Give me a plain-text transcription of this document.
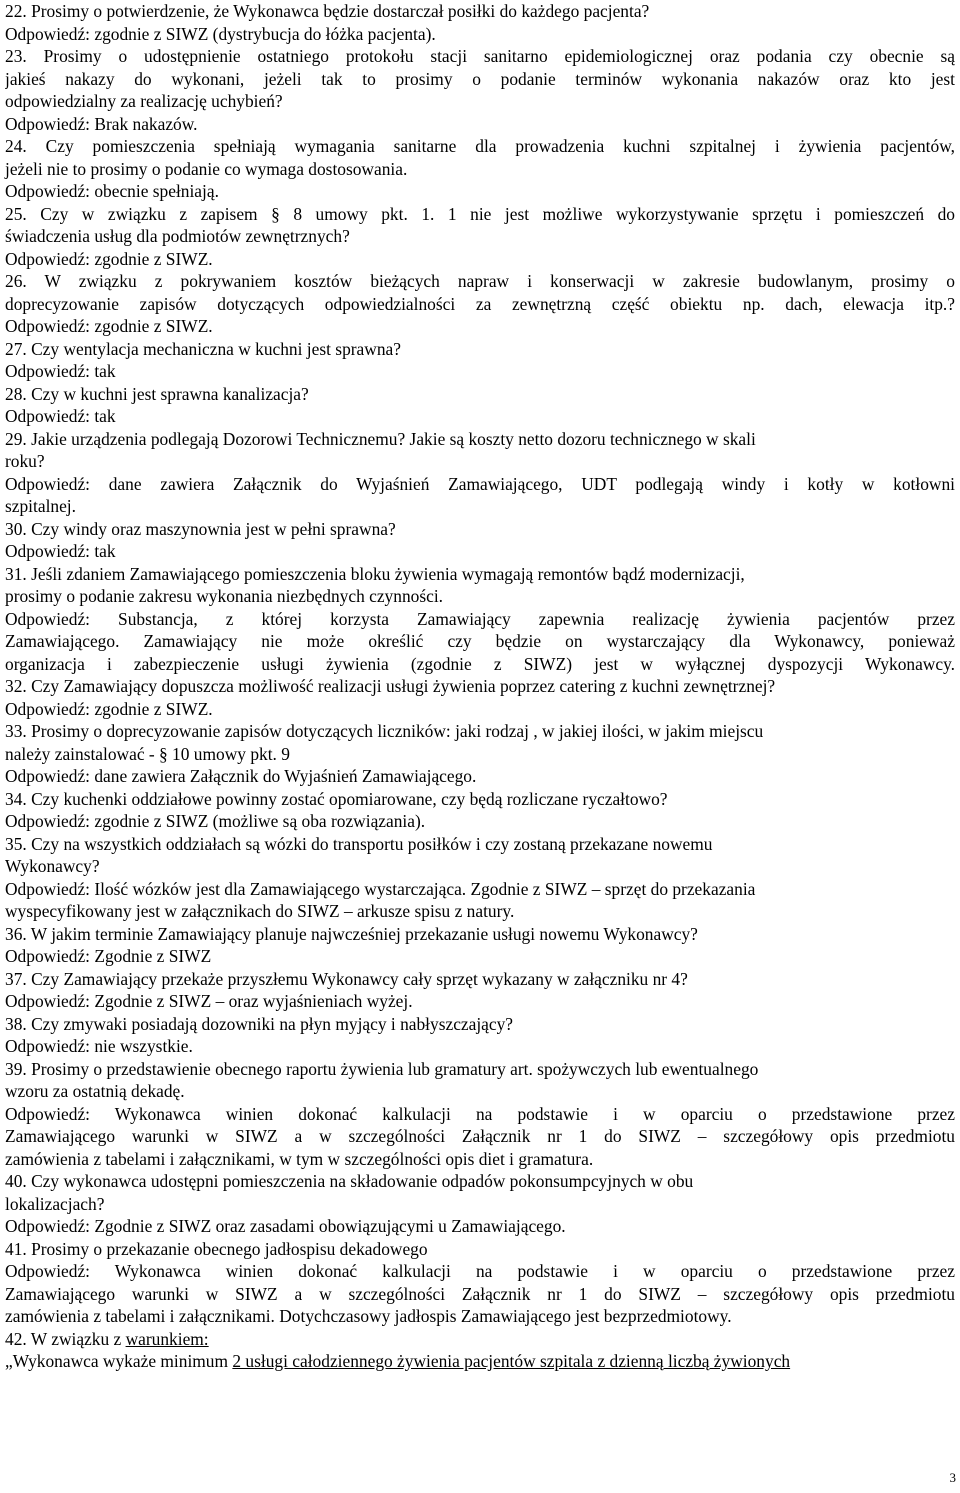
22. Prosimy o potwierdzenie, że Wykonawca będzie dostarczał posiłki do każdego pacjenta?
Odpowiedź: zgodnie z SIWZ (dystrybucja do łóżka pacjenta).
23. Prosimy o udostępnienie ostatniego protokołu stacji sanitarno epidemiologicznej oraz podania czy obecnie są
jakieś nakazy do wykonani, jeżeli tak to prosimy o podanie terminów wykonania nakazów oraz kto jest
odpowiedzialny za realizację uchybień?
Odpowiedź: Brak nakazów.
24. Czy pomieszczenia spełniają wymagania sanitarne dla prowadzenia kuchni szpitalnej i żywienia pacjentów,
jeżeli nie to prosimy o podanie co wymaga dostosowania.
Odpowiedź: obecnie spełniają.
25. Czy w związku z zapisem § 8 umowy pkt. 1. 1 nie jest możliwe wykorzystywanie sprzętu i pomieszczeń do
świadczenia usług dla podmiotów zewnętrznych?
Odpowiedź: zgodnie z SIWZ.
26. W związku z pokrywaniem kosztów bieżących napraw i konserwacji w zakresie budowlanym, prosimy o
doprecyzowanie zapisów dotyczących odpowiedzialności za zewnętrzną część obiektu np. dach, elewacja itp.?
Odpowiedź: zgodnie z SIWZ.
27. Czy wentylacja mechaniczna w kuchni jest sprawna?
Odpowiedź: tak
28. Czy w kuchni jest sprawna kanalizacja?
Odpowiedź: tak
29. Jakie urządzenia podlegają Dozorowi Technicznemu? Jakie są koszty netto dozoru technicznego w skali
roku?
Odpowiedź: dane zawiera Załącznik do Wyjaśnień Zamawiającego, UDT podlegają windy i kotły w kotłowni
szpitalnej.
30. Czy windy oraz maszynownia jest w pełni sprawna?
Odpowiedź: tak
31. Jeśli zdaniem Zamawiającego pomieszczenia bloku żywienia wymagają remontów bądź modernizacji,
prosimy o podanie zakresu wykonania niezbędnych czynności.
Odpowiedź: Substancja, z której korzysta Zamawiający zapewnia realizację żywienia pacjentów przez
Zamawiającego. Zamawiający nie może określić czy będzie on wystarczający dla Wykonawcy, ponieważ
organizacja i zabezpieczenie usługi żywienia (zgodnie z SIWZ) jest w wyłącznej dyspozycji Wykonawcy.
32. Czy Zamawiający dopuszcza możliwość realizacji usługi żywienia poprzez catering z kuchni zewnętrznej?
Odpowiedź: zgodnie z SIWZ.
33. Prosimy o doprecyzowanie zapisów dotyczących liczników: jaki rodzaj , w jakiej ilości, w jakim miejscu
należy zainstalować - § 10 umowy pkt. 9
Odpowiedź: dane zawiera Załącznik do Wyjaśnień Zamawiającego.
34. Czy kuchenki oddziałowe powinny zostać opomiarowane, czy będą rozliczane ryczałtowo?
Odpowiedź: zgodnie z SIWZ (możliwe są oba rozwiązania).
35. Czy na wszystkich oddziałach są wózki do transportu posiłków i czy zostaną przekazane nowemu
Wykonawcy?
Odpowiedź: Ilość wózków jest dla Zamawiającego wystarczająca. Zgodnie z SIWZ – sprzęt do przekazania
wyspecyfikowany jest w załącznikach do SIWZ – arkusze spisu z natury.
36. W jakim terminie Zamawiający planuje najwcześniej przekazanie usługi nowemu Wykonawcy?
Odpowiedź: Zgodnie z SIWZ
37. Czy Zamawiający przekaże przyszłemu Wykonawcy cały sprzęt wykazany w załączniku nr 4?
Odpowiedź: Zgodnie z SIWZ – oraz wyjaśnieniach wyżej.
38. Czy zmywaki posiadają dozowniki na płyn myjący i nabłyszczający?
Odpowiedź: nie wszystkie.
39. Prosimy o przedstawienie obecnego raportu żywienia lub gramatury art. spożywczych lub ewentualnego
wzoru za ostatnią dekadę.
Odpowiedź: Wykonawca winien dokonać kalkulacji na podstawie i w oparciu o przedstawione przez
Zamawiającego warunki w SIWZ a w szczególności Załącznik nr 1 do SIWZ – szczegółowy opis przedmiotu
zamówienia z tabelami i załącznikami, w tym w szczególności opis diet i gramatura.
40. Czy wykonawca udostępni pomieszczenia na składowanie odpadów pokonsumpcyjnych w obu
lokalizacjach?
Odpowiedź: Zgodnie z SIWZ oraz zasadami obowiązującymi u Zamawiającego.
41. Prosimy o przekazanie obecnego jadłospisu dekadowego
Odpowiedź: Wykonawca winien dokonać kalkulacji na podstawie i w oparciu o przedstawione przez
Zamawiającego warunki w SIWZ a w szczególności Załącznik nr 1 do SIWZ – szczegółowy opis przedmiotu
zamówienia z tabelami i załącznikami. Dotychczasowy jadłospis Zamawiającego jest bezprzedmiotowy.
42. W związku z warunkiem:
„Wykonawca wykaże minimum 2 usługi całodziennego żywienia pacjentów szpitala z dzienną liczbą żywionych
3
